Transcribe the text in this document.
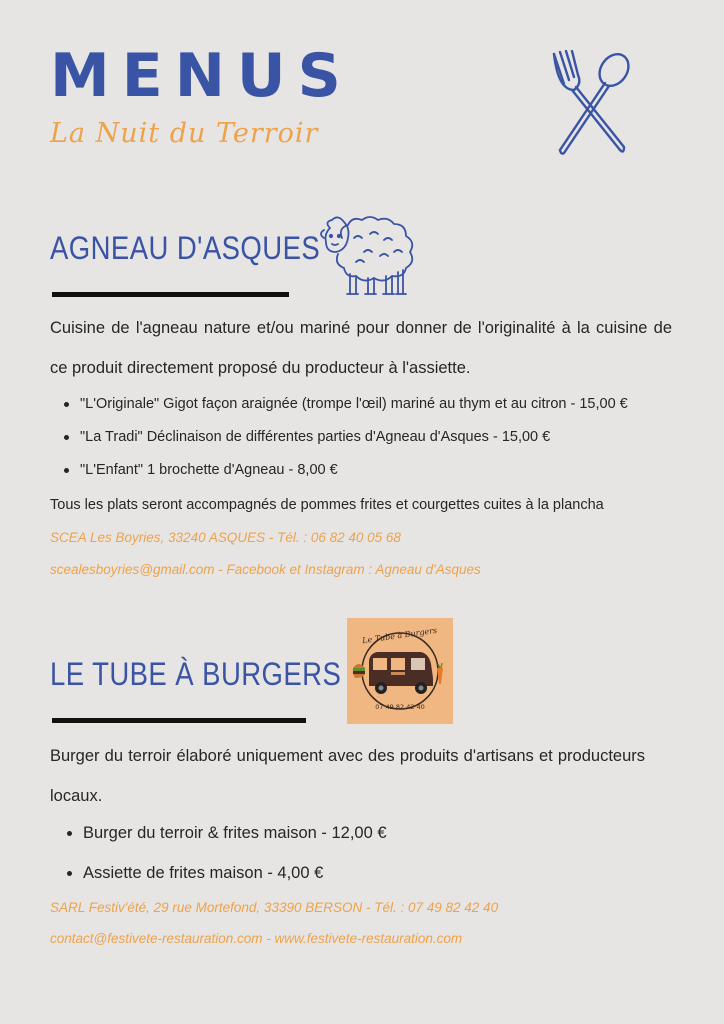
MENUS
La Nuit du Terroir
AGNEAU D'ASQUES
Cuisine de l'agneau nature et/ou mariné pour donner de l'originalité à la cuisine de ce produit directement proposé du producteur à l'assiette.
"L'Originale" Gigot façon araignée (trompe l'œil) mariné au thym et au citron - 15,00 €
"La Tradi" Déclinaison de différentes parties d'Agneau d'Asques - 15,00 €
"L'Enfant" 1 brochette d'Agneau - 8,00 €
Tous les plats seront accompagnés de pommes frites et courgettes cuites à la plancha
SCEA Les Boyries, 33240 ASQUES - Tél. : 06 82 40 05 68
scealesboyries@gmail.com - Facebook et Instagram : Agneau d'Asques
Le Tube à Burgers
07 49 82 42 40
LE TUBE À BURGERS
Burger du terroir élaboré uniquement avec des produits d'artisans et producteurs locaux.
Burger du terroir & frites maison - 12,00 €
Assiette de frites maison - 4,00 €
SARL Festiv'été, 29 rue Mortefond, 33390 BERSON - Tél. : 07 49 82 42 40
contact@festivete-restauration.com - www.festivete-restauration.com
